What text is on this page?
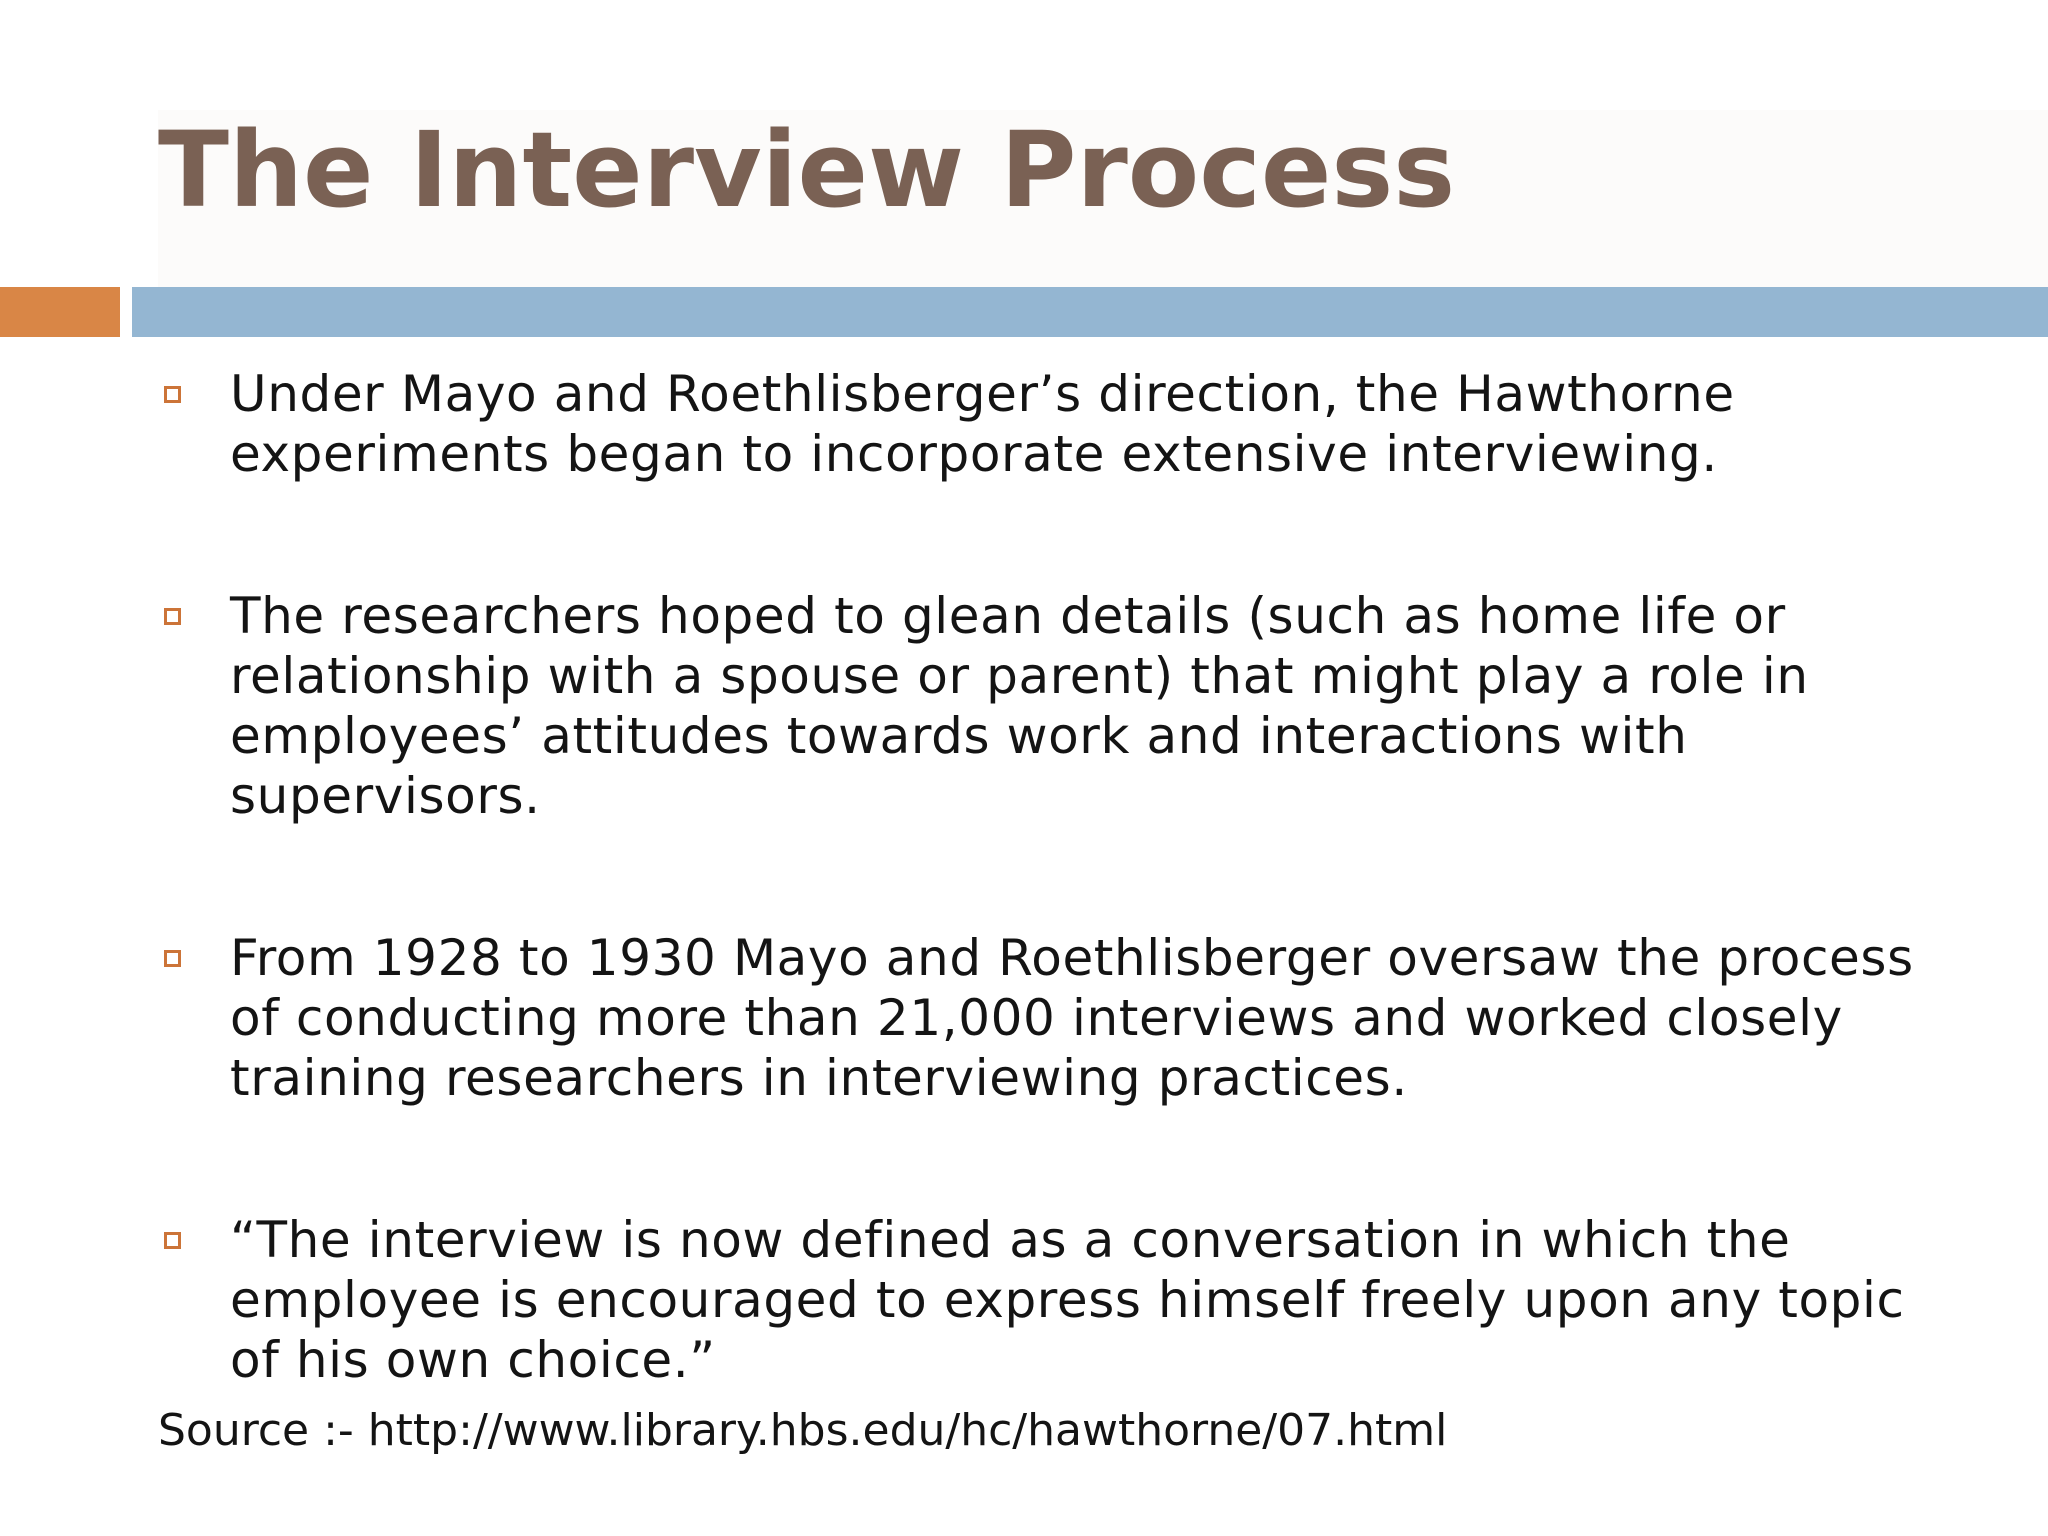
The Interview Process
Under Mayo and Roethlisberger’s direction, the Hawthorne experiments began to incorporate extensive interviewing.
The researchers hoped to glean details (such as home life or relationship with a spouse or parent) that might play a role in employees’ attitudes towards work and interactions with supervisors.
From 1928 to 1930 Mayo and Roethlisberger oversaw the process of conducting more than 21,000 interviews and worked closely training researchers in interviewing practices.
“The interview is now defined as a conversation in which the employee is encouraged to express himself freely upon any topic of his own choice.”
Source :- http://www.library.hbs.edu/hc/hawthorne/07.html
